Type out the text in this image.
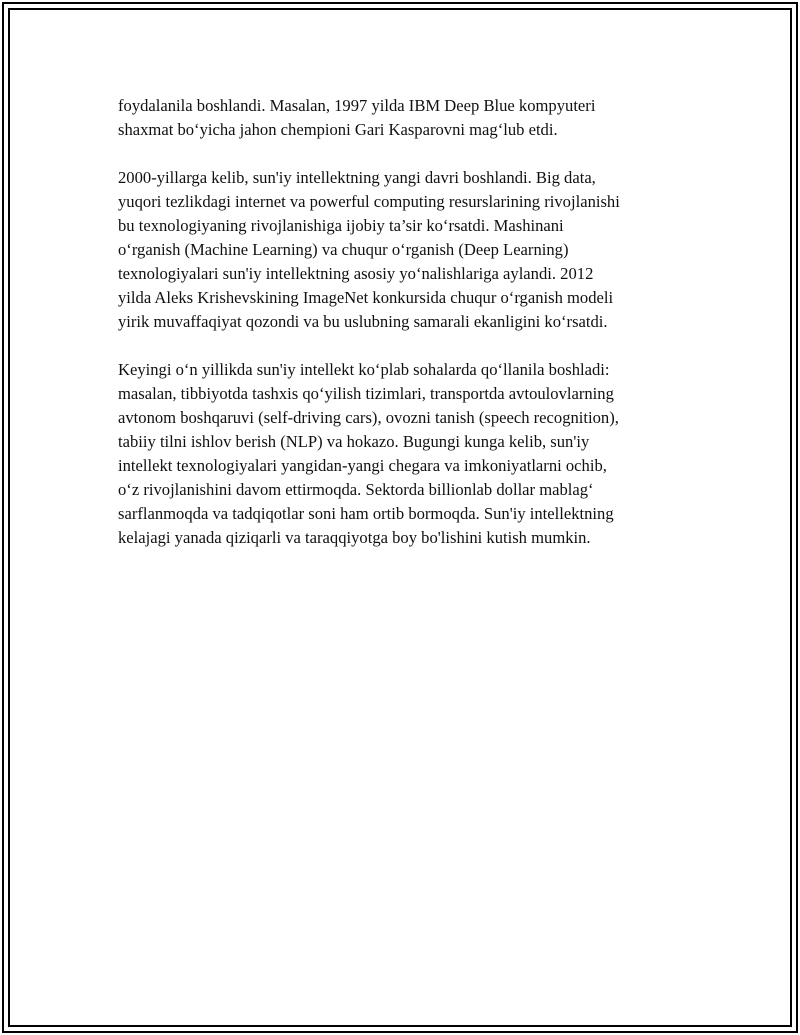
foydalanila boshlandi. Masalan, 1997 yilda IBM Deep Blue kompyuteri
shaxmat bo‘yicha jahon chempioni Gari Kasparovni mag‘lub etdi.

2000-yillarga kelib, sun'iy intellektning yangi davri boshlandi. Big data,
yuqori tezlikdagi internet va powerful computing resurslarining rivojlanishi
bu texnologiyaning rivojlanishiga ijobiy ta’sir ko‘rsatdi. Mashinani
o‘rganish (Machine Learning) va chuqur o‘rganish (Deep Learning)
texnologiyalari sun'iy intellektning asosiy yo‘nalishlariga aylandi. 2012
yilda Aleks Krishevskining ImageNet konkursida chuqur o‘rganish modeli
yirik muvaffaqiyat qozondi va bu uslubning samarali ekanligini ko‘rsatdi.

Keyingi o‘n yillikda sun'iy intellekt ko‘plab sohalarda qo‘llanila boshladi:
masalan, tibbiyotda tashxis qo‘yilish tizimlari, transportda avtoulovlarning
avtonom boshqaruvi (self-driving cars), ovozni tanish (speech recognition),
tabiiy tilni ishlov berish (NLP) va hokazo. Bugungi kunga kelib, sun'iy
intellekt texnologiyalari yangidan-yangi chegara va imkoniyatlarni ochib,
o‘z rivojlanishini davom ettirmoqda. Sektorda billionlab dollar mablag‘
sarflanmoqda va tadqiqotlar soni ham ortib bormoqda. Sun'iy intellektning
kelajagi yanada qiziqarli va taraqqiyotga boy bo'lishini kutish mumkin.
